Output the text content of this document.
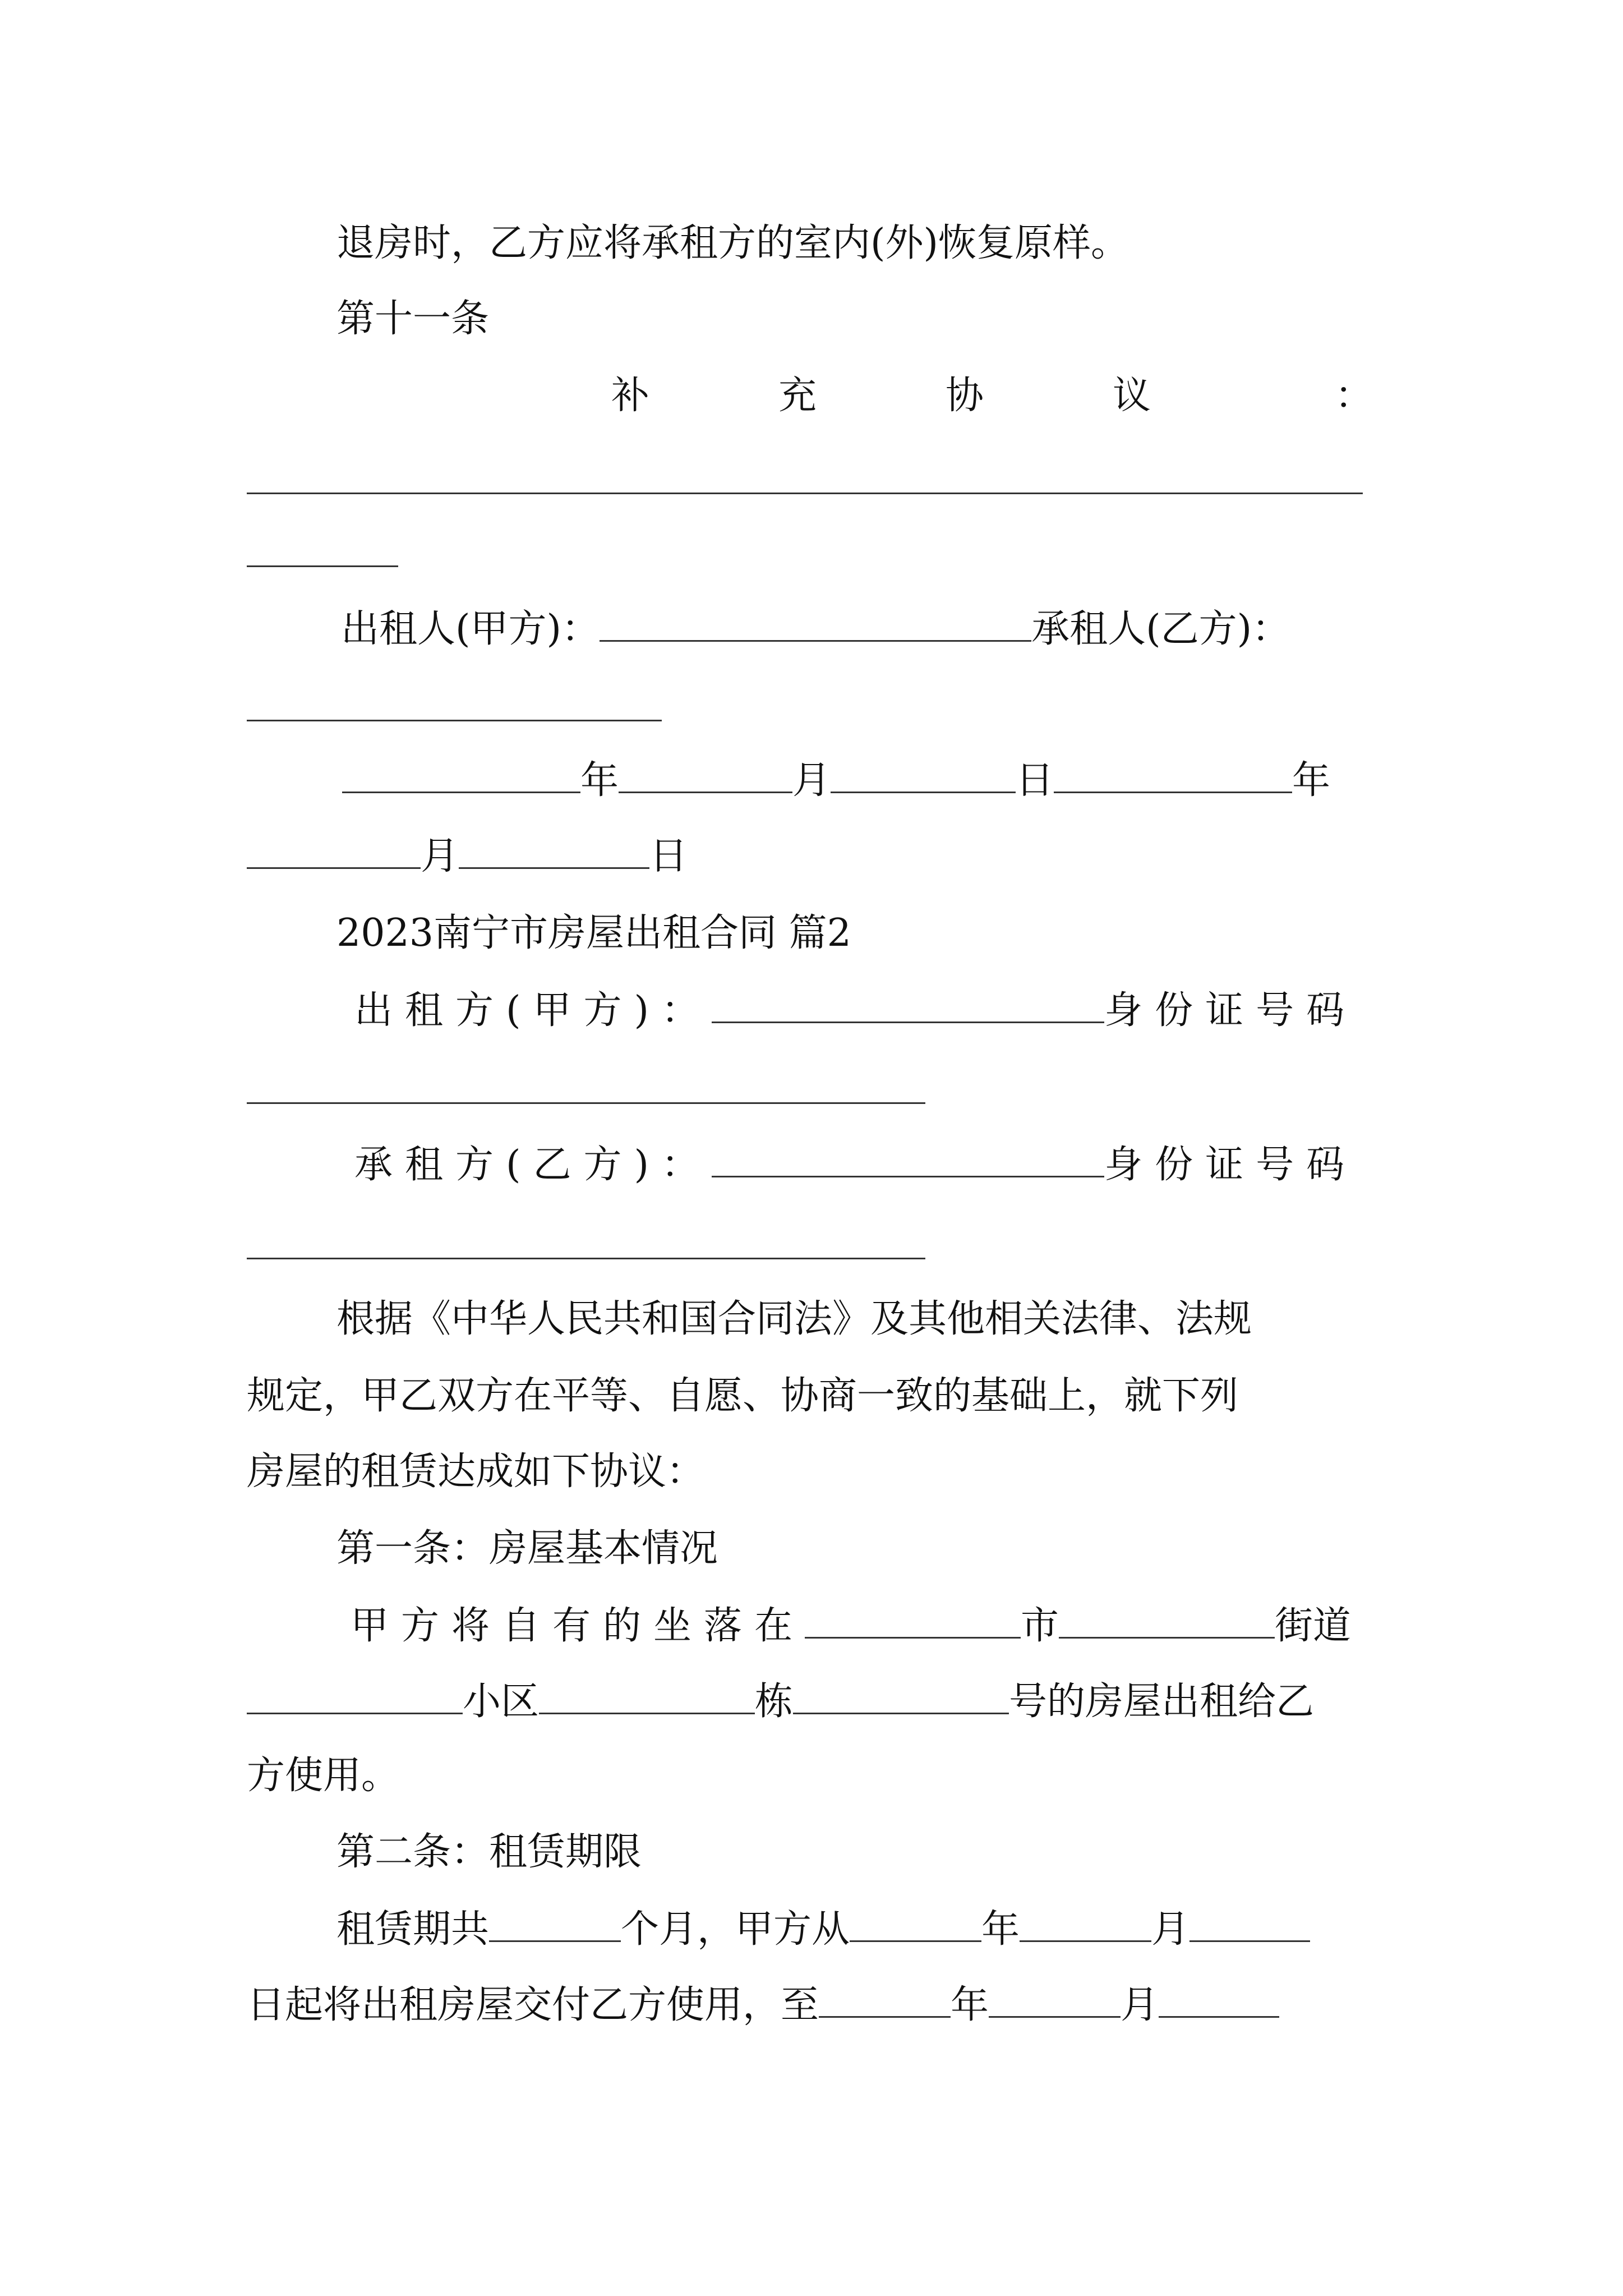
退房时，乙方应将承租方的室内(外)恢复原样。
第十一条
补充协议 ：
出租人(甲方)：	承租人(乙方)：
年	月	日	年
月	日
2023南宁市房屋出租合同 篇2
出租方(甲方)：	身份证号码
承租方(乙方)：	身份证号码
根据《中华人民共和国合同法》及其他相关法律、法规
规定，甲乙双方在平等、自愿、协商一致的基础上，就下列
房屋的租赁达成如下协议：
第一条：房屋基本情况
甲方将自有的坐落在	市	街道
小区	栋	号的房屋出租给乙
方使用。
第二条：租赁期限
租赁期共	个月，甲方从	年	月
日起将出租房屋交付乙方使用，至	年	月
